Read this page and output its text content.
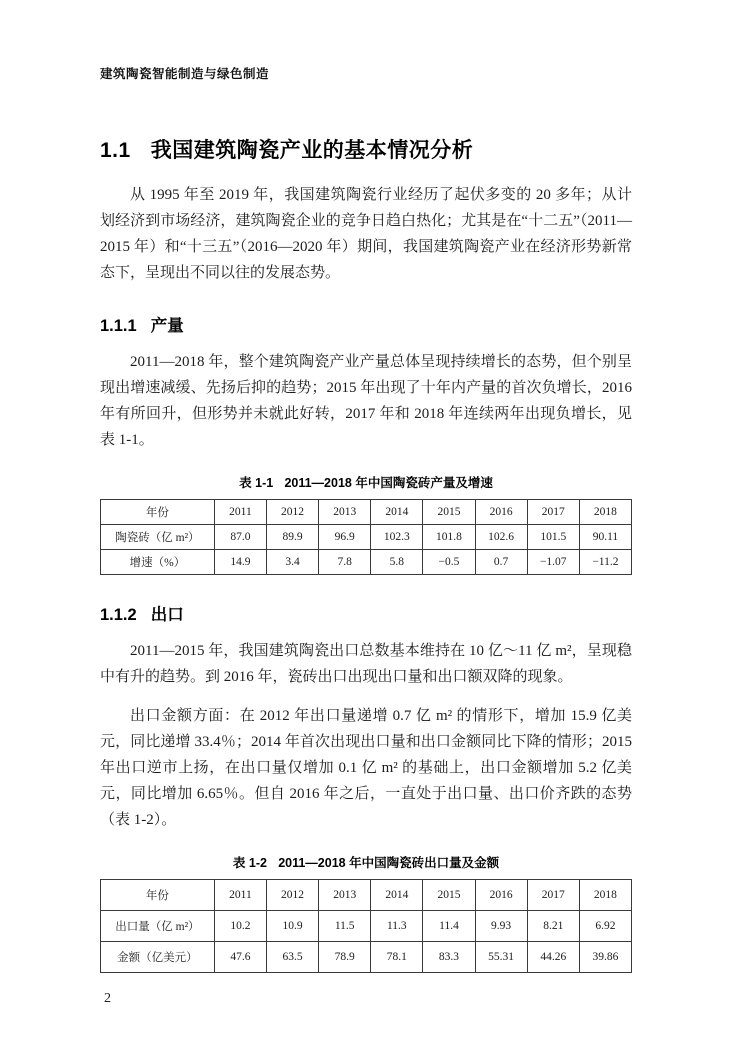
建筑陶瓷智能制造与绿色制造
1.1 我国建筑陶瓷产业的基本情况分析

从 1995 年至 2019 年，我国建筑陶瓷行业经历了起伏多变的 20 多年；从计划经济到市场经济，建筑陶瓷企业的竞争日趋白热化；尤其是在“十二五”（2011—2015 年）和“十三五”（2016—2020 年）期间，我国建筑陶瓷产业在经济形势新常态下，呈现出不同以往的发展态势。

1.1.1 产量

2011—2018 年，整个建筑陶瓷产业产量总体呈现持续增长的态势，但个别呈现出增速减缓、先扬后抑的趋势；2015 年出现了十年内产量的首次负增长，2016 年有所回升，但形势并未就此好转，2017 年和 2018 年连续两年出现负增长，见表 1-1。

表 1-1 2011—2018 年中国陶瓷砖产量及增速
年份	2011	2012	2013	2014	2015	2016	2017	2018
陶瓷砖（亿 m²）	87.0	89.9	96.9	102.3	101.8	102.6	101.5	90.11
增速（%）	14.9	3.4	7.8	5.8	−0.5	0.7	−1.07	−11.2
1.1.2 出口

2011—2015 年，我国建筑陶瓷出口总数基本维持在 10 亿～11 亿 m²，呈现稳中有升的趋势。到 2016 年，瓷砖出口出现出口量和出口额双降的现象。

出口金额方面：在 2012 年出口量递增 0.7 亿 m² 的情形下，增加 15.9 亿美元，同比递增 33.4％；2014 年首次出现出口量和出口金额同比下降的情形；2015 年出口逆市上扬，在出口量仅增加 0.1 亿 m² 的基础上，出口金额增加 5.2 亿美元，同比增加 6.65％。但自 2016 年之后，一直处于出口量、出口价齐跌的态势（表 1-2）。

表 1-2 2011—2018 年中国陶瓷砖出口量及金额
年份	2011	2012	2013	2014	2015	2016	2017	2018
出口量（亿 m²）	10.2	10.9	11.5	11.3	11.4	9.93	8.21	6.92
金额（亿美元）	47.6	63.5	78.9	78.1	83.3	55.31	44.26	39.86
2
